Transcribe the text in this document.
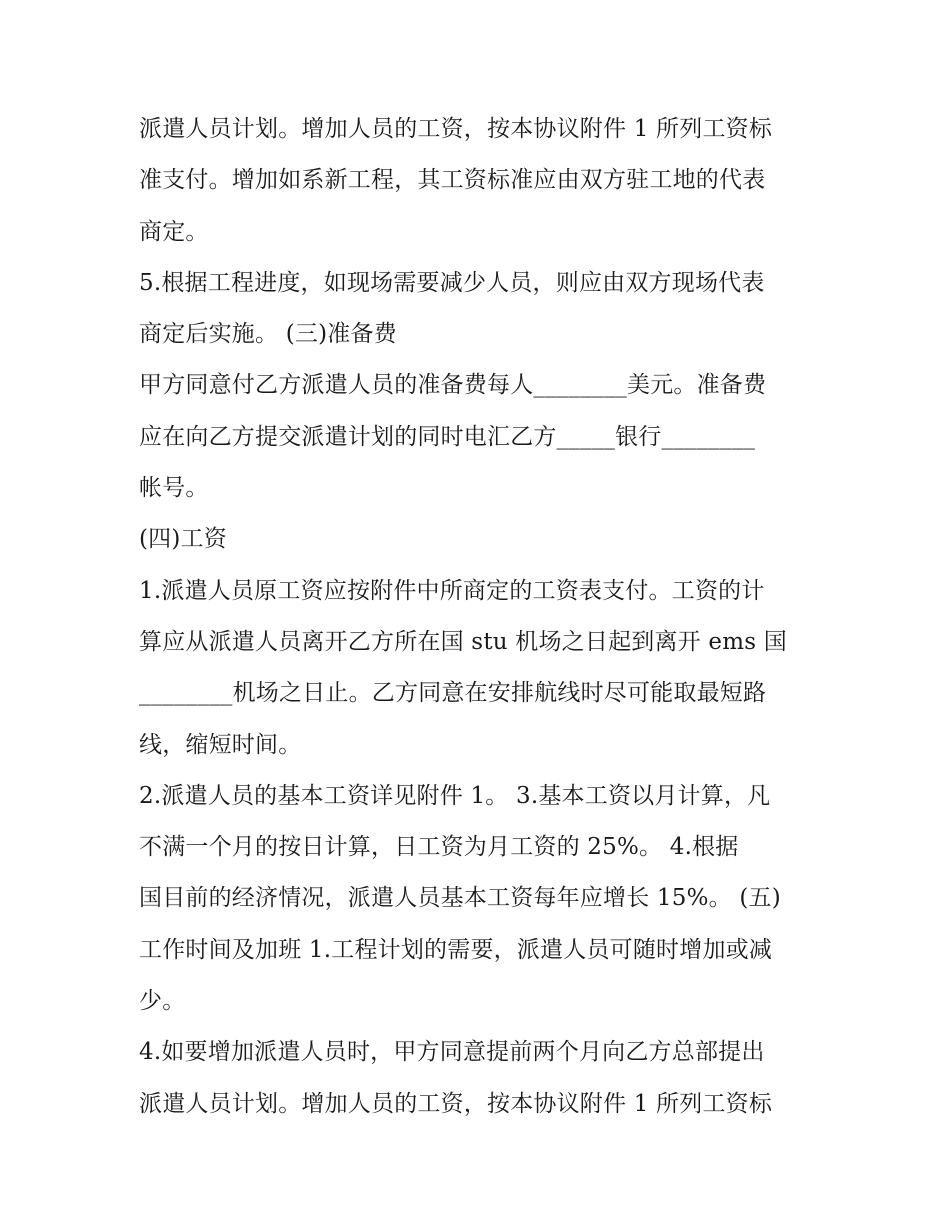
派遣人员计划。增加人员的工资，按本协议附件 1 所列工资标
准支付。增加如系新工程，其工资标准应由双方驻工地的代表
商定。
5.根据工程进度，如现场需要减少人员，则应由双方现场代表
商定后实施。 (三)准备费
甲方同意付乙方派遣人员的准备费每人________美元。准备费
应在向乙方提交派遣计划的同时电汇乙方_____银行________
帐号。
(四)工资
1.派遣人员原工资应按附件中所商定的工资表支付。工资的计
算应从派遣人员离开乙方所在国 stu 机场之日起到离开 ems 国
________机场之日止。乙方同意在安排航线时尽可能取最短路
线，缩短时间。
2.派遣人员的基本工资详见附件 1。 3.基本工资以月计算，凡
不满一个月的按日计算，日工资为月工资的 25%。 4.根据
国目前的经济情况，派遣人员基本工资每年应增长 15%。 (五)
工作时间及加班 1.工程计划的需要，派遣人员可随时增加或减
少。
4.如要增加派遣人员时，甲方同意提前两个月向乙方总部提出
派遣人员计划。增加人员的工资，按本协议附件 1 所列工资标
